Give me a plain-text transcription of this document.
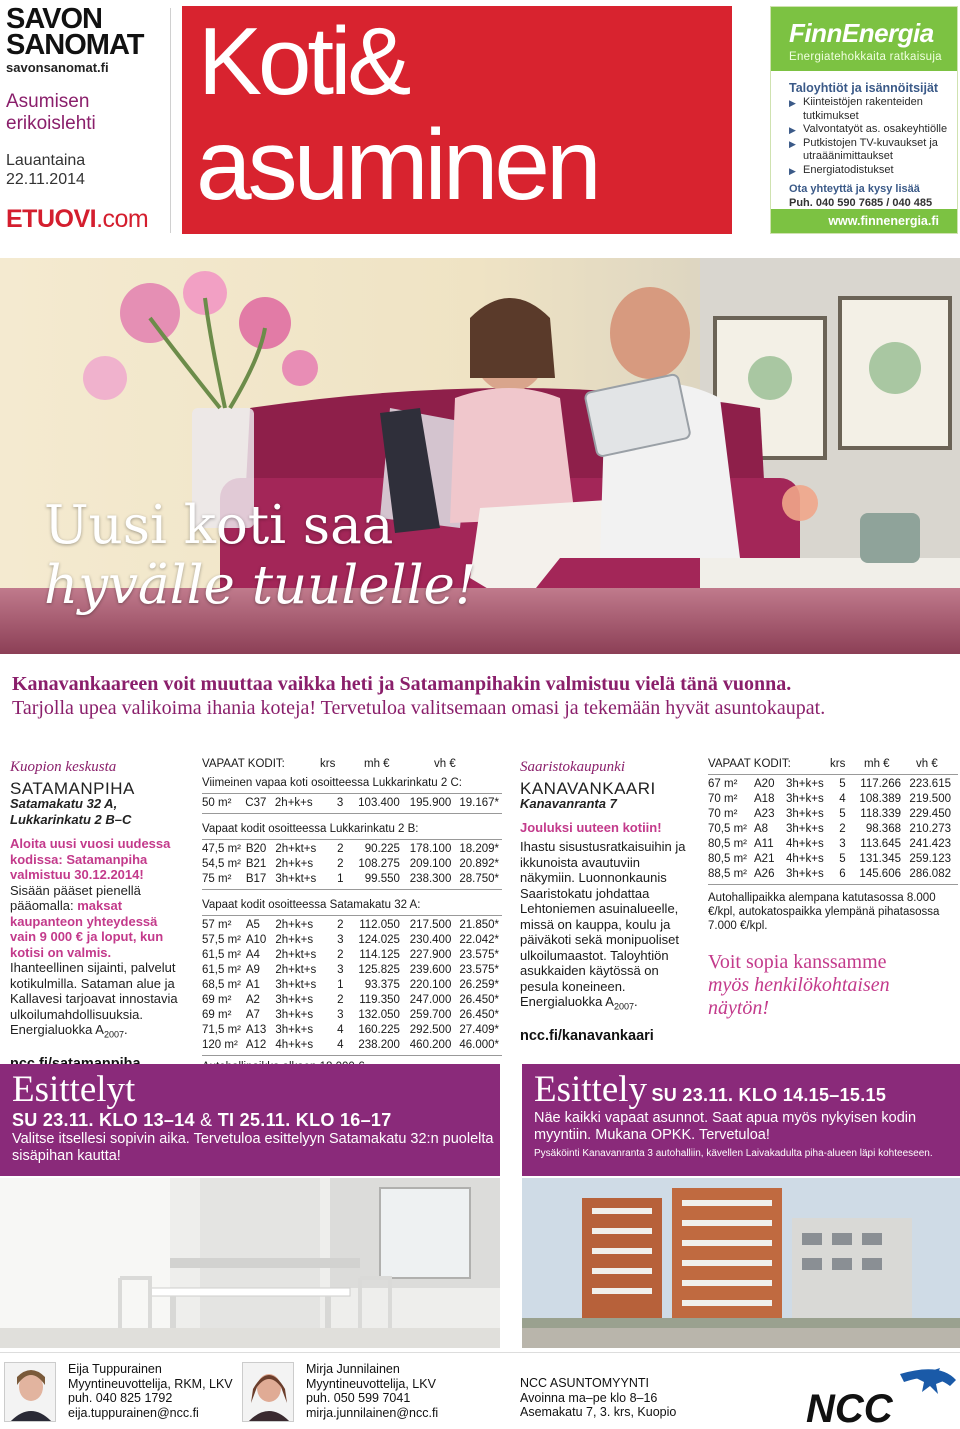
SAVON
SANOMAT
savonsanomat.fi
Asumisen
erikoislehti
Lauantaina
22.11.2014
ETUOVI.com
Koti&
asuminen
FinnEnergia
Energiatehokkaita ratkaisuja
Taloyhtiöt ja isännöitsijät
▶ Kiinteistöjen rakenteiden tutkimukset
▶ Valvontatyöt as. osakeyhtiölle
▶ Putkistojen TV-kuvaukset ja utraäänimittaukset
▶ Energiatodistukset
Ota yhteyttä ja kysy lisää
Puh. 040 590 7685 / 040 485
www.finnenergia.fi
Uusi koti saa
hyvälle tuulelle!
Kanavankaareen voit muuttaa vaikka heti ja Satamanpihakin valmistuu vielä tänä vuonna.
Tarjolla upea valikoima ihania koteja! Tervetuloa valitsemaan omasi ja tekemään hyvät asuntokaupat.
Kuopion keskusta
SATAMANPIHA
Satamakatu 32 A, Lukkarinkatu 2 B–C
Aloita uusi vuosi uudessa kodissa: Satamanpiha valmistuu 30.12.2014!
Sisään pääset pienellä pääomalla: maksat kaupanteon yhteydessä vain 9 000 € ja loput, kun kotisi on valmis. Ihanteellinen sijainti, palvelut kotikulmilla. Sataman alue ja Kallavesi tarjoavat innostavia ulkoilumahdollisuuksia. Energialuokka $A_{2007}$.
VAPAAT KODIT:	krs	mh €	vh €
Viimeinen vapaa koti osoitteessa Lukkarinkatu 2 C:
50 m²	C37	2h+k+s	3	103.400	195.900	19.167*
Vapaat kodit osoitteessa Lukkarinkatu 2 B:
47,5 m²	B20	2h+kt+s	2	90.225	178.100	18.209*
54,5 m²	B21	2h+k+s	2	108.275	209.100	20.892*
75 m²	B17	3h+kt+s	1	99.550	238.300	28.750*
Vapaat kodit osoitteessa Satamakatu 32 A:
57 m²	A5	2h+k+s	2	112.050	217.500	21.850*
57,5 m²	A10	2h+k+s	3	124.025	230.400	22.042*
61,5 m²	A4	2h+kt+s	2	114.125	227.900	23.575*
61,5 m²	A9	2h+kt+s	3	125.825	239.600	23.575*
68,5 m²	A1	3h+kt+s	1	93.375	220.100	26.259*
69 m²	A2	3h+k+s	2	119.350	247.000	26.450*
69 m²	A7	3h+k+s	3	132.050	259.700	26.450*
71,5 m²	A13	3h+k+s	4	160.225	292.500	27.409*
120 m²	A12	4h+k+s	4	238.200	460.200	46.000*
Saaristokaupunki
KANAVANKAARI
Kanavanranta 7
Jouluksi uuteen kotiin!
Ihastu sisustusratkaisuihin ja ikkunoista avautuviin näkymiin. Luonnonkaunis Saaristokatu johdattaa Lehtoniemen asuinalueelle, missä on kauppa, koulu ja päiväkoti sekä monipuoliset ulkoilumaastot. Taloyhtiön asukkaiden käytössä on pesula koneineen. Energialuokka $A_{2007}$.
ncc.fi/kanavankaari
VAPAAT KODIT:	krs	mh €	vh €
67 m²	A20	3h+k+s	5	117.266	223.615
70 m²	A18	3h+k+s	4	108.389	219.500
70 m²	A23	3h+k+s	5	118.339	229.450
70,5 m²	A8	3h+k+s	2	98.368	210.273
80,5 m²	A11	4h+k+s	3	113.645	241.423
80,5 m²	A21	4h+k+s	5	131.345	259.123
88,5 m²	A26	3h+k+s	6	145.606	286.082
Autohallipaikka alempana katutasossa 8.000 €/kpl, autokatospaikka ylempänä pihatasossa 7.000 €/kpl.
Voit sopia kanssamme
myös henkilökohtaisen
näytön!
Esittelyt
SU 23.11. KLO 13–14 & TI 25.11. KLO 16–17
Valitse itsellesi sopivin aika. Tervetuloa esittelyyn Satamakatu 32:n puolelta sisäpihan kautta!
Esittely SU 23.11. KLO 14.15–15.15
Näe kaikki vapaat asunnot. Saat apua myös nykyisen kodin myyntiin. Mukana OPKK. Tervetuloa!
Pysäköinti Kanavanranta 3 autohalliin, kävellen Laivakadulta piha-alueen läpi kohteeseen.
Eija Tuppurainen
Myyntineuvottelija, RKM, LKV
puh. 040 825 1792
eija.tuppurainen@ncc.fi
Mirja Junnilainen
Myyntineuvottelija, LKV
puh. 050 599 7041
mirja.junnilainen@ncc.fi
NCC ASUNTOMYYNTI
Avoinna ma–pe klo 8–16
Asemakatu 7, 3. krs, Kuopio	NCC
